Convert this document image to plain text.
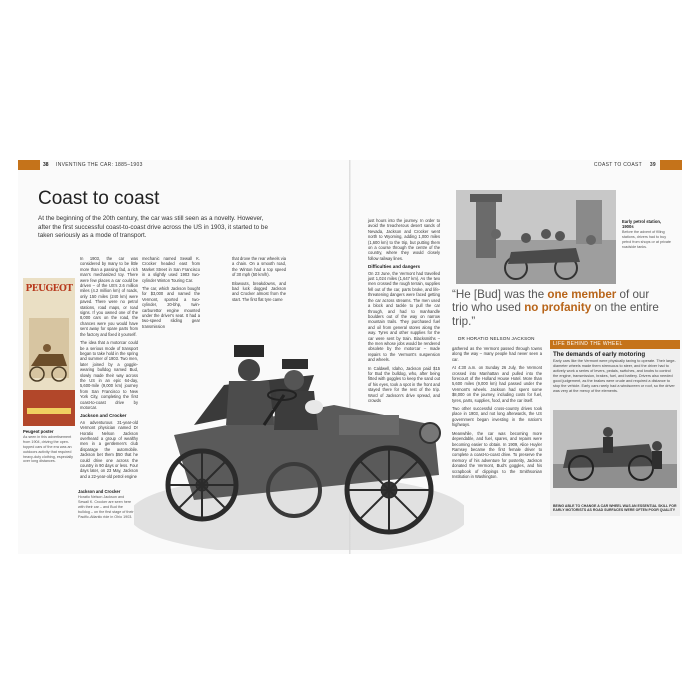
38 INVENTING THE CAR: 1885–1903	COAST TO COAST 39
Coast to coast
At the beginning of the 20th century, the car was still seen as a novelty. However, after the first successful coast-to-coast drive across the US in 1903, it started to be taken seriously as a mode of transport.
PEUGEOT
Peugeot poster
As seen in this advertisement from 1904, driving the open-topped cars of the era was an outdoors activity that required heavy-duty clothing, especially over long distances.

In 1903, the car was considered by many to be little more than a passing fad, a rich man's mechanized toy. There were few places a car could be driven – of the US's 2.6 million miles (4.2 million km) of roads, only 150 miles (240 km) were paved. There were no petrol stations, road maps, or road signs. If you owned one of the 8,000 cars on the road, the chances were you would have sent away for spare parts from the factory and fixed it yourself.

The idea that a motorcar could be a serious mode of transport began to take hold in the spring and summer of 1903. Two men, later joined by a goggle-wearing bulldog named Bud, slowly made their way across the US in an epic 64-day, 5,600-mile (9,000 km) journey from San Francisco to New York City, completing the first coast-to-coast drive by motorcar.

Jackson and Crocker

An adventurous 31-year-old Vermont physician named Dr Horatio Nelson Jackson overheard a group of wealthy men in a gentlemen's club disparage the automobile. Jackson bet them $50 that he could drive one across the country in 90 days or less. Four days later, on 23 May, Jackson and a 22-year-old petrol engine

mechanic named Sewall K. Crocker headed east from Market Street in San Francisco in a slightly used 1903 two-cylinder Winton Touring Car.

The car, which Jackson bought for $3,000 and named the Vermont, sported a two-cylinder, 20-bhp, twin-carburettor engine mounted under the driver's seat. It had a two-speed sliding gear transmission

that drove the rear wheels via a chain. On a smooth road, the Winton had a top speed of 30 mph (50 km/h).

Blowouts, breakdowns, and bad luck dogged Jackson and Crocker almost from the start. The first flat tyre came

Jackson and Crocker
Horatio Nelson Jackson and Sewall K. Crocker are seen here with their car – and Bud the bulldog – on the first stage of their Pacific-Atlantic ride in Ohio 1903.

just hours into the journey. In order to avoid the treacherous desert sands of Nevada, Jackson and Crocker went north to Wyoming, adding 1,000 miles (1,600 km) to the trip, but putting them on a course through the centre of the country, where they would closely follow railway lines.

Difficulties and dangers

On 23 June, the Vermont had travelled just 1,024 miles (1,647 km). As the two men crossed the rough terrain, supplies fell out of the car, parts broke, and life-threatening dangers were faced getting the car across streams. The men used a block and tackle to pull the car through, and had to manhandle boulders out of the way on narrow mountain trails. They purchased fuel and oil from general stores along the way. Tyres and other supplies for the car were sent by train. Blacksmiths – the men whose jobs would be rendered obsolete by the motorcar – made repairs to the Vermont's suspension and wheels.

In Caldwell, Idaho, Jackson paid $15 for Bud the bulldog, who, after being fitted with goggles to keep the sand out of his eyes, took a spot in the front and stayed there for the rest of the trip. Word of Jackson's drive spread, and crowds

gathered as the Vermont passed through towns along the way – many people had never seen a car.

At 4:30 a.m. on Sunday 26 July, the Vermont crossed into Manhattan and pulled into the forecourt of the Holland House Hotel. More than 5,600 miles (9,000 km) had passed under the Vermont's wheels. Jackson had spent some $8,000 on the journey, including costs for fuel, tyres, parts, supplies, food, and the car itself.

Two other successful cross-country drives took place in 1903, and not long afterwards, the US government began investing in the nation's highways.

Meanwhile, the car was becoming more dependable, and fuel, spares, and repairs were becoming easier to obtain. In 1909, Alice Huyler Ramsey became the first female driver to complete a coast-to-coast drive. To preserve the memory of his adventure for posterity, Jackson donated the Vermont, Bud's goggles, and his scrapbook of clippings to the Smithsonian Institution in Washington.

Early petrol station, 1900s
Before the advent of filling stations, drivers had to buy petrol from shops or at private roadside tanks.
“He [Bud] was the one member of our trio who used no profanity on the entire trip.”
DR HORATIO NELSON JACKSON
LIFE BEHIND THE WHEEL
The demands of early motoring
Early cars like the Vermont were physically taxing to operate. Their large-diameter wheels made them strenuous to steer, and the driver had to actively work a series of levers, pedals, switches, and knobs to control the engine, transmission, brakes, fuel, and battery. Drivers also needed good judgement, as the brakes were crude and required a distance to stop the vehicle. Early cars rarely had a windscreen or roof, so the driver was very at the mercy of the elements.
BEING ABLE TO CHANGE A CAR WHEEL WAS AN ESSENTIAL SKILL FOR EARLY MOTORISTS AS ROAD SURFACES WERE OFTEN POOR QUALITY
